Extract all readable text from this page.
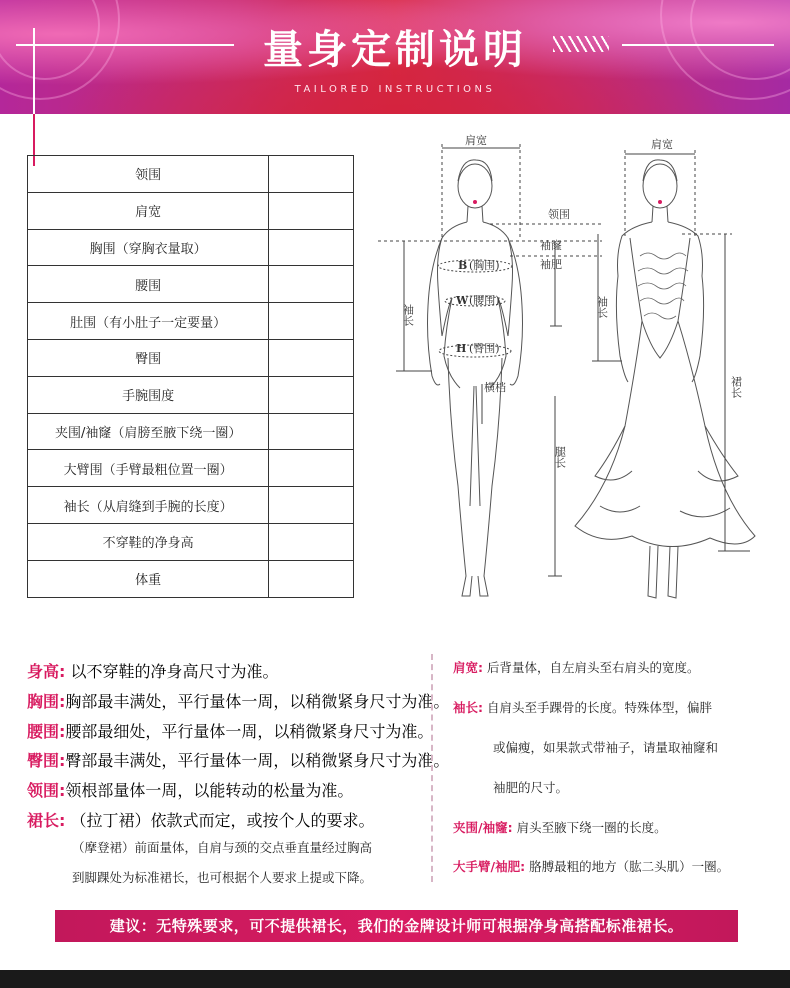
量身定制说明
TAILORED INSTRUCTIONS
领围	
肩宽	
胸围（穿胸衣量取）	
腰围	
肚围（有小肚子一定要量）	
臀围	
手腕围度	
夹围/袖窿（肩膀至腋下绕一圈）	
大臂围（手臂最粗位置一圈）	
袖长（从肩缝到手腕的长度）	
不穿鞋的净身高	
体重	
肩宽
领围
袖窿
袖肥
B (胸围)
W (腰围)
H (臀围)
袖长
横档
腿长
肩宽
袖长
裙长
身高: 以不穿鞋的净身高尺寸为准。
胸围:胸部最丰满处，平行量体一周，以稍微紧身尺寸为准。
腰围:腰部最细处，平行量体一周，以稍微紧身尺寸为准。
臀围:臀部最丰满处，平行量体一周，以稍微紧身尺寸为准。
领围:领根部量体一周，以能转动的松量为准。
裙长: （拉丁裙）依款式而定，或按个人的要求。
（摩登裙）前面量体，自肩与颈的交点垂直量经过胸高
到脚踝处为标准裙长，也可根据个人要求上提或下降。
肩宽: 后背量体，自左肩头至右肩头的宽度。
袖长: 自肩头至手踝骨的长度。特殊体型，偏胖
或偏瘦，如果款式带袖子，请量取袖窿和
袖肥的尺寸。
夹围/袖窿: 肩头至腋下绕一圈的长度。
大手臂/袖肥: 胳膊最粗的地方（肱二头肌）一圈。
建议：无特殊要求，可不提供裙长，我们的金牌设计师可根据净身高搭配标准裙长。
